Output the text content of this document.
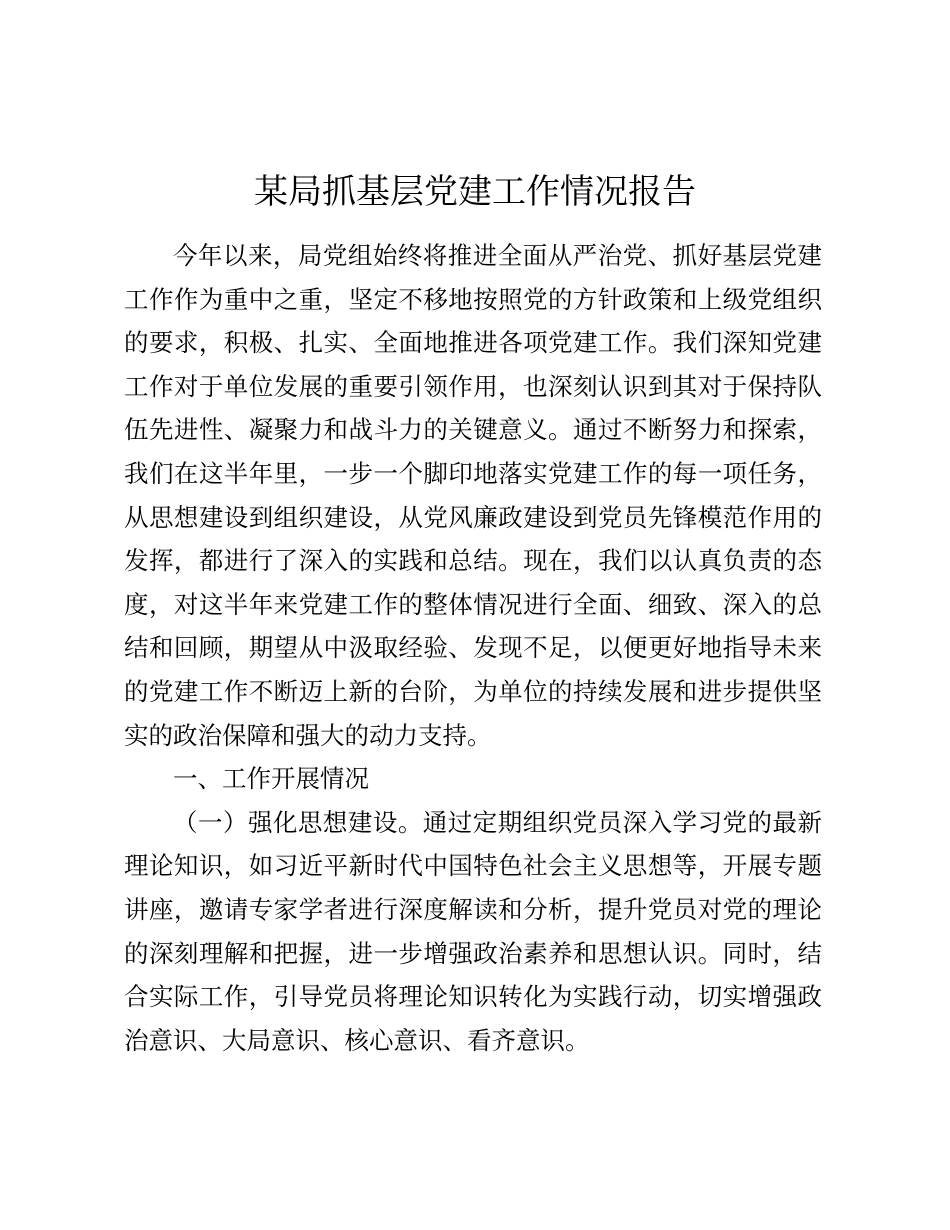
某局抓基层党建工作情况报告

今年以来，局党组始终将推进全面从严治党、抓好基层党建工作作为重中之重，坚定不移地按照党的方针政策和上级党组织的要求，积极、扎实、全面地推进各项党建工作。我们深知党建工作对于单位发展的重要引领作用，也深刻认识到其对于保持队伍先进性、凝聚力和战斗力的关键意义。通过不断努力和探索，我们在这半年里，一步一个脚印地落实党建工作的每一项任务，从思想建设到组织建设，从党风廉政建设到党员先锋模范作用的发挥，都进行了深入的实践和总结。现在，我们以认真负责的态度，对这半年来党建工作的整体情况进行全面、细致、深入的总结和回顾，期望从中汲取经验、发现不足，以便更好地指导未来的党建工作不断迈上新的台阶，为单位的持续发展和进步提供坚实的政治保障和强大的动力支持。

一、工作开展情况

（一）强化思想建设。通过定期组织党员深入学习党的最新理论知识，如习近平新时代中国特色社会主义思想等，开展专题讲座，邀请专家学者进行深度解读和分析，提升党员对党的理论的深刻理解和把握，进一步增强政治素养和思想认识。同时，结合实际工作，引导党员将理论知识转化为实践行动，切实增强政治意识、大局意识、核心意识、看齐意识。
